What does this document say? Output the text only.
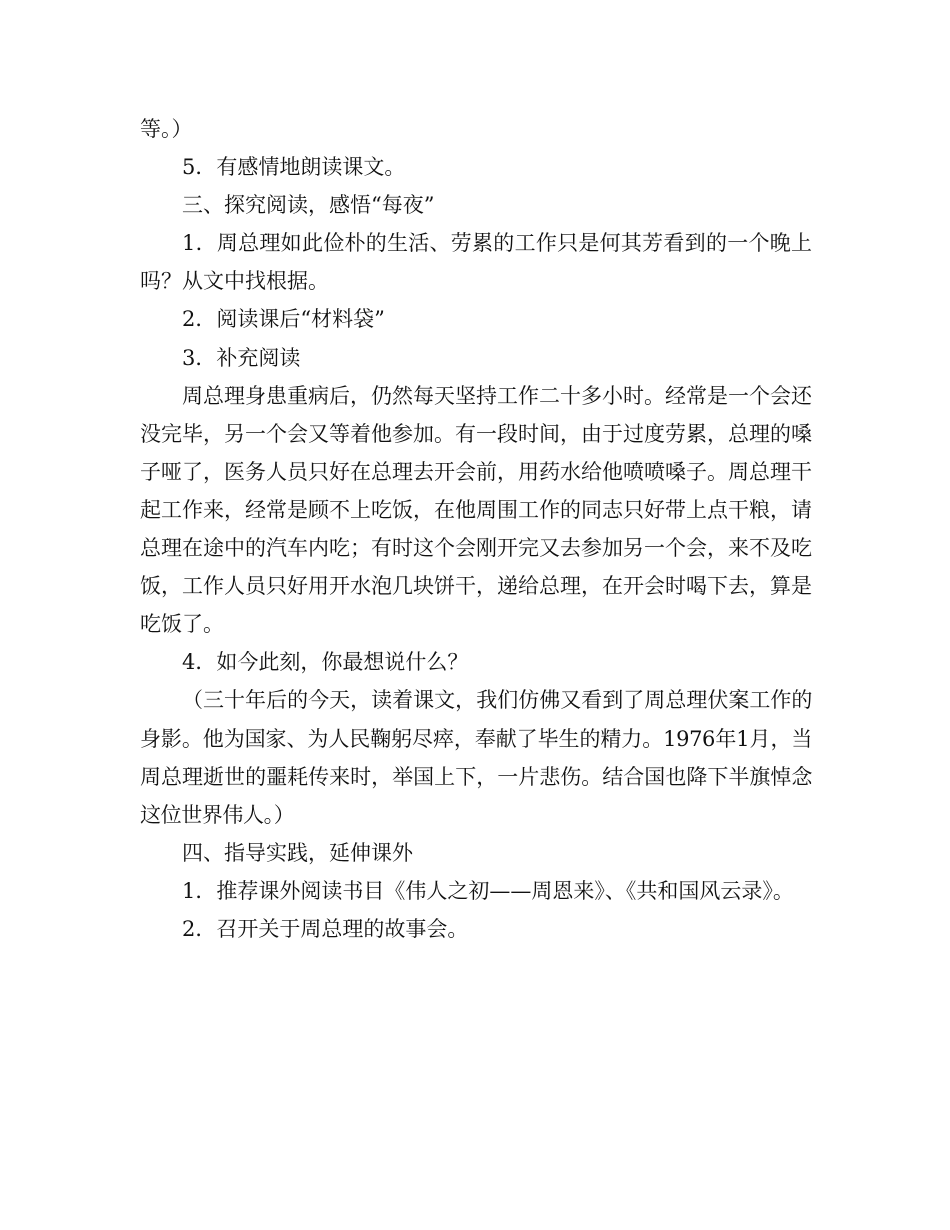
等。）

5．有感情地朗读课文。

三、探究阅读，感悟“每夜”

1．周总理如此俭朴的生活、劳累的工作只是何其芳看到的一个晚上吗？从文中找根据。

2．阅读课后“材料袋”

3．补充阅读

周总理身患重病后，仍然每天坚持工作二十多小时。经常是一个会还没完毕，另一个会又等着他参加。有一段时间，由于过度劳累，总理的嗓子哑了，医务人员只好在总理去开会前，用药水给他喷喷嗓子。周总理干起工作来，经常是顾不上吃饭，在他周围工作的同志只好带上点干粮，请总理在途中的汽车内吃；有时这个会刚开完又去参加另一个会，来不及吃饭，工作人员只好用开水泡几块饼干，递给总理，在开会时喝下去，算是吃饭了。

4．如今此刻，你最想说什么？

（三十年后的今天，读着课文，我们仿佛又看到了周总理伏案工作的身影。他为国家、为人民鞠躬尽瘁，奉献了毕生的精力。1976年1月，当周总理逝世的噩耗传来时，举国上下，一片悲伤。结合国也降下半旗悼念这位世界伟人。）

四、指导实践，延伸课外

1．推荐课外阅读书目《伟人之初——周恩来》、《共和国风云录》。

2．召开关于周总理的故事会。
